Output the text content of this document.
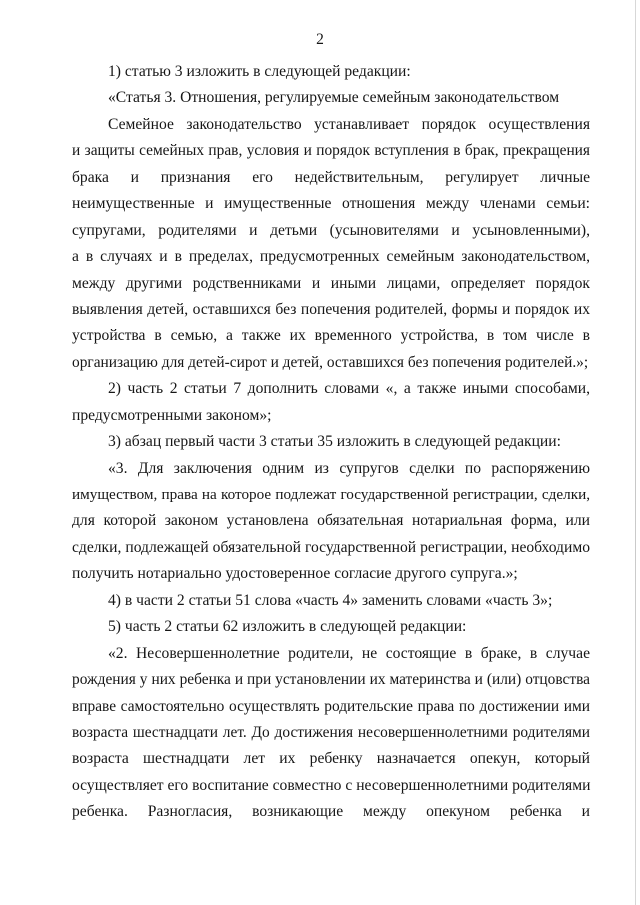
2
1) статью 3 изложить в следующей редакции:
«Статья 3. Отношения, регулируемые семейным законодательством
Семейное законодательство устанавливает порядок осуществления
и защиты семейных прав, условия и порядок вступления в брак, прекращения
брака и признания его недействительным, регулирует личные
неимущественные и имущественные отношения между членами семьи:
супругами, родителями и детьми (усыновителями и усыновленными),
а в случаях и в пределах, предусмотренных семейным законодательством,
между другими родственниками и иными лицами, определяет порядок
выявления детей, оставшихся без попечения родителей, формы и порядок их
устройства в семью, а также их временного устройства, в том числе в
организацию для детей-сирот и детей, оставшихся без попечения родителей.»;
2) часть 2 статьи 7 дополнить словами «, а также иными способами,
предусмотренными законом»;
3) абзац первый части 3 статьи 35 изложить в следующей редакции:
«3. Для заключения одним из супругов сделки по распоряжению
имуществом, права на которое подлежат государственной регистрации, сделки,
для которой законом установлена обязательная нотариальная форма, или
сделки, подлежащей обязательной государственной регистрации, необходимо
получить нотариально удостоверенное согласие другого супруга.»;
4) в части 2 статьи 51 слова «часть 4» заменить словами «часть 3»;
5) часть 2 статьи 62 изложить в следующей редакции:
«2. Несовершеннолетние родители, не состоящие в браке, в случае
рождения у них ребенка и при установлении их материнства и (или) отцовства
вправе самостоятельно осуществлять родительские права по достижении ими
возраста шестнадцати лет. До достижения несовершеннолетними родителями
возраста шестнадцати лет их ребенку назначается опекун, который
осуществляет его воспитание совместно с несовершеннолетними родителями
ребенка. Разногласия, возникающие между опекуном ребенка и
